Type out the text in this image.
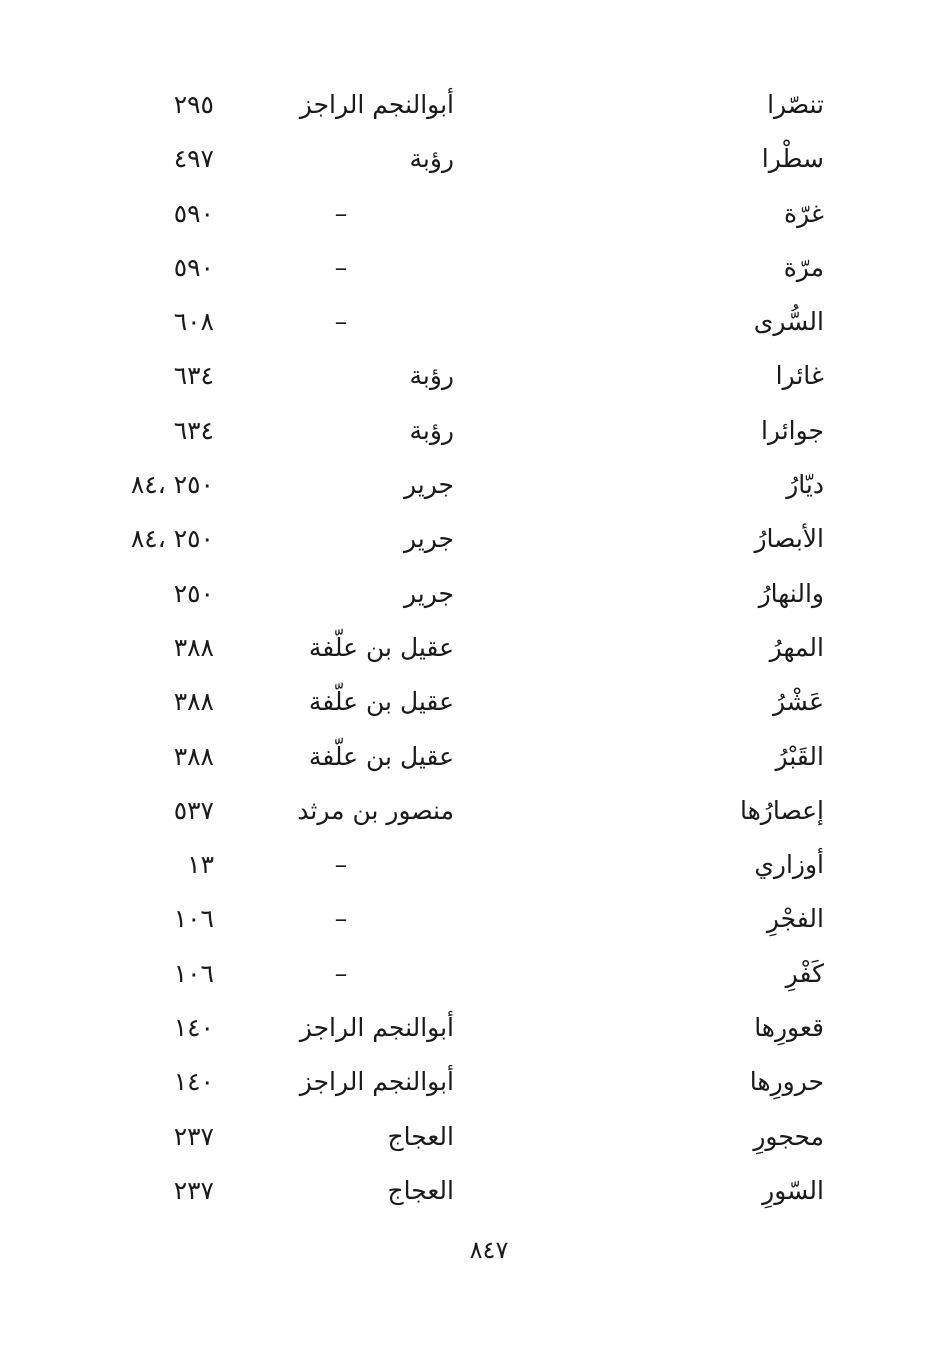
تنصّرا
أبوالنجم الراجز
٢٩٥
سطْرا
رؤبة
٤٩٧
غرّة
–
٥٩٠
مرّة
–
٥٩٠
السُّرى
–
٦٠٨
غائرا
رؤبة
٦٣٤
جوائرا
رؤبة
٦٣٤
ديّارُ
جرير
٢٥٠ ،٨٤
الأبصارُ
جرير
٢٥٠ ،٨٤
والنهارُ
جرير
٢٥٠
المهرُ
عقيل بن علّفة
٣٨٨
عَشْرُ
عقيل بن علّفة
٣٨٨
القَبْرُ
عقيل بن علّفة
٣٨٨
إعصارُها
منصور بن مرثد
٥٣٧
أوزاري
–
١٣
الفجْرِ
–
١٠٦
كَفْرِ
–
١٠٦
قعورِها
أبوالنجم الراجز
١٤٠
حرورِها
أبوالنجم الراجز
١٤٠
محجورِ
العجاج
٢٣٧
السّورِ
العجاج
٢٣٧
٨٤٧
